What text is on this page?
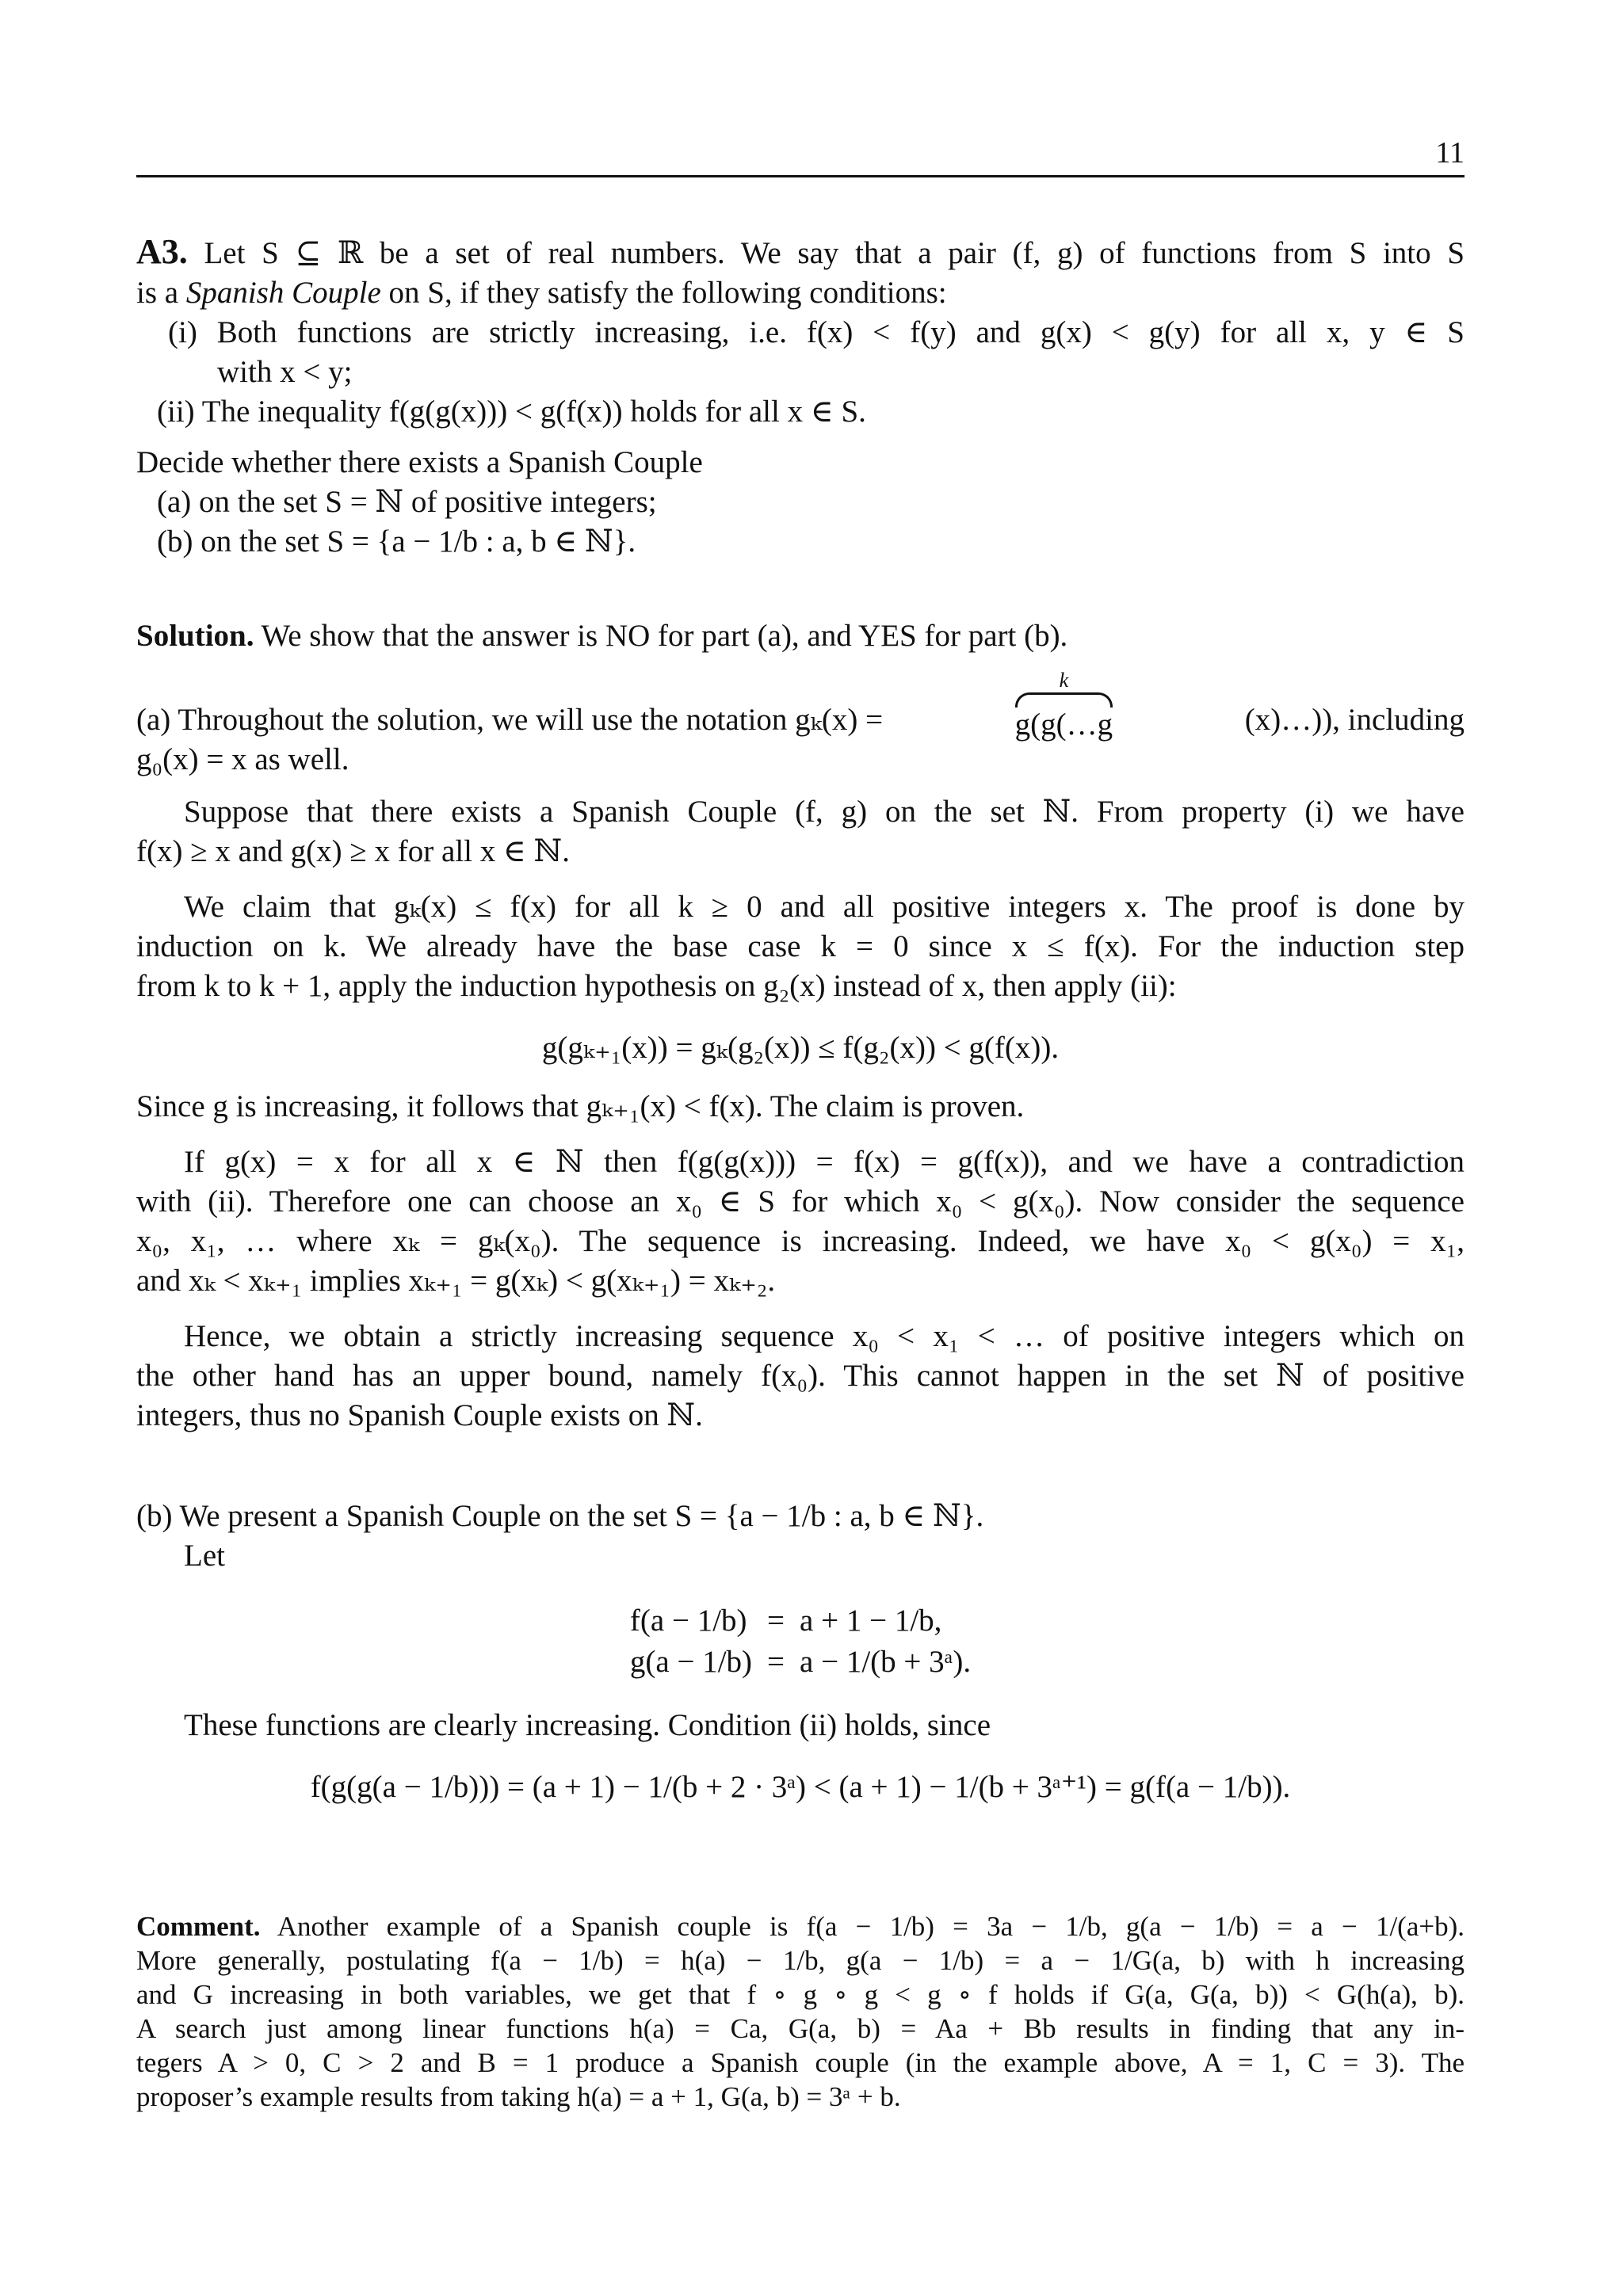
11

A3. Let S ⊆ ℝ be a set of real numbers. We say that a pair (f, g) of functions from S into S

is a Spanish Couple on S, if they satisfy the following conditions:

(i) Both functions are strictly increasing, i.e. f(x) < f(y) and g(x) < g(y) for all x, y ∈ S

with x < y;

(ii) The inequality f(g(g(x))) < g(f(x)) holds for all x ∈ S.

Decide whether there exists a Spanish Couple

(a) on the set S = ℕ of positive integers;

(b) on the set S = {a − 1/b : a, b ∈ ℕ}.

Solution. We show that the answer is NO for part (a), and YES for part (b).

(a) Throughout the solution, we will use the notation gₖ(x) =
k
g(g(…g	(x)…)), including

g₀(x) = x as well.

Suppose that there exists a Spanish Couple (f, g) on the set ℕ. From property (i) we have

f(x) ≥ x and g(x) ≥ x for all x ∈ ℕ.

We claim that gₖ(x) ≤ f(x) for all k ≥ 0 and all positive integers x. The proof is done by

induction on k. We already have the base case k = 0 since x ≤ f(x). For the induction step

from k to k + 1, apply the induction hypothesis on g₂(x) instead of x, then apply (ii):

g(gₖ₊₁(x)) = gₖ(g₂(x)) ≤ f(g₂(x)) < g(f(x)).

Since g is increasing, it follows that gₖ₊₁(x) < f(x). The claim is proven.

If g(x) = x for all x ∈ ℕ then f(g(g(x))) = f(x) = g(f(x)), and we have a contradiction

with (ii). Therefore one can choose an x₀ ∈ S for which x₀ < g(x₀). Now consider the sequence

x₀, x₁, … where xₖ = gₖ(x₀). The sequence is increasing. Indeed, we have x₀ < g(x₀) = x₁,

and xₖ < xₖ₊₁ implies xₖ₊₁ = g(xₖ) < g(xₖ₊₁) = xₖ₊₂.

Hence, we obtain a strictly increasing sequence x₀ < x₁ < … of positive integers which on

the other hand has an upper bound, namely f(x₀). This cannot happen in the set ℕ of positive

integers, thus no Spanish Couple exists on ℕ.

(b) We present a Spanish Couple on the set S = {a − 1/b : a, b ∈ ℕ}.

Let

f(a − 1/b) = a + 1 − 1/b,
g(a − 1/b) = a − 1/(b + 3ᵃ).

These functions are clearly increasing. Condition (ii) holds, since

f(g(g(a − 1/b))) = (a + 1) − 1/(b + 2 · 3ᵃ) < (a + 1) − 1/(b + 3ᵃ⁺¹) = g(f(a − 1/b)).

Comment. Another example of a Spanish couple is f(a − 1/b) = 3a − 1/b, g(a − 1/b) = a − 1/(a+b).

More generally, postulating f(a − 1/b) = h(a) − 1/b, g(a − 1/b) = a − 1/G(a, b) with h increasing

and G increasing in both variables, we get that f ∘ g ∘ g < g ∘ f holds if G(a, G(a, b)) < G(h(a), b).

A search just among linear functions h(a) = Ca, G(a, b) = Aa + Bb results in finding that any in-

tegers A > 0, C > 2 and B = 1 produce a Spanish couple (in the example above, A = 1, C = 3). The

proposer’s example results from taking h(a) = a + 1, G(a, b) = 3ᵃ + b.
